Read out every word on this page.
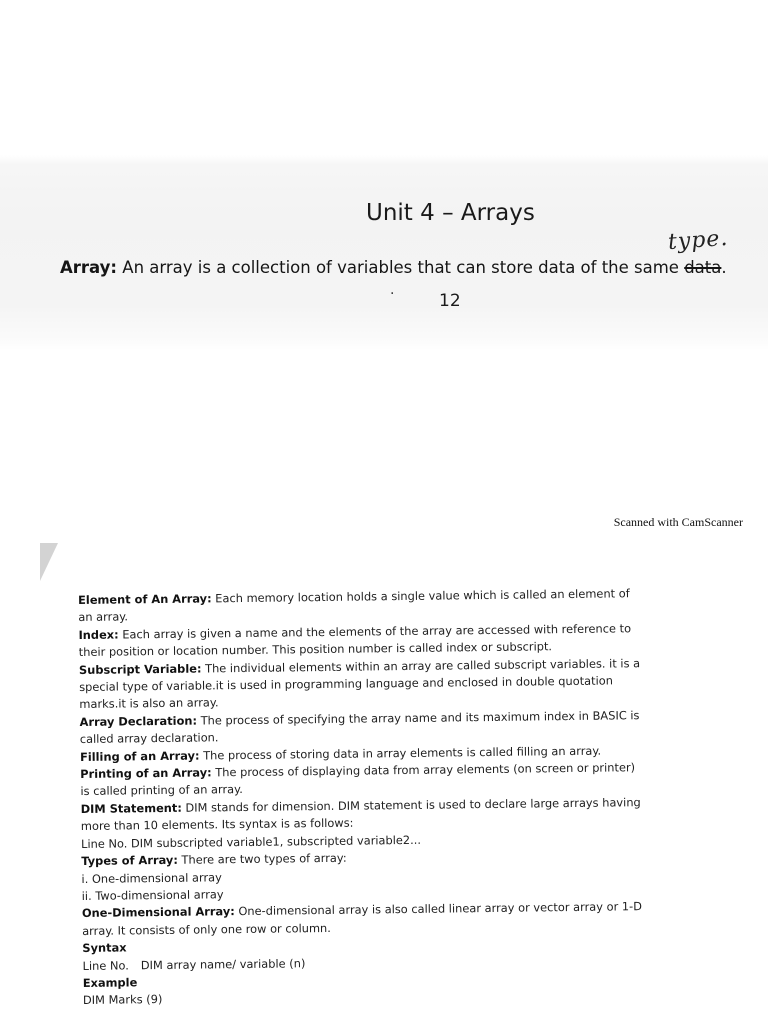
Unit 4 – Arrays
type.
Array: An array is a collection of variables that can store data of the same data.
·	12
Scanned with CamScanner

Element of An Array: Each memory location holds a single value which is called an element of an array.

Index: Each array is given a name and the elements of the array are accessed with reference to their position or location number. This position number is called index or subscript.

Subscript Variable: The individual elements within an array are called subscript variables. it is a special type of variable.it is used in programming language and enclosed in double quotation marks.it is also an array.

Array Declaration: The process of specifying the array name and its maximum index in BASIC is called array declaration.

Filling of an Array: The process of storing data in array elements is called filling an array.

Printing of an Array: The process of displaying data from array elements (on screen or printer) is called printing of an array.

DIM Statement: DIM stands for dimension. DIM statement is used to declare large arrays having more than 10 elements. Its syntax is as follows:

Line No. DIM subscripted variable1, subscripted variable2...

Types of Array: There are two types of array:

i. One-dimensional array

ii. Two-dimensional array

One-Dimensional Array: One-dimensional array is also called linear array or vector array or 1-D array. It consists of only one row or column.

Syntax

Line No. DIM array name/ variable (n)

Example

DIM Marks (9)
